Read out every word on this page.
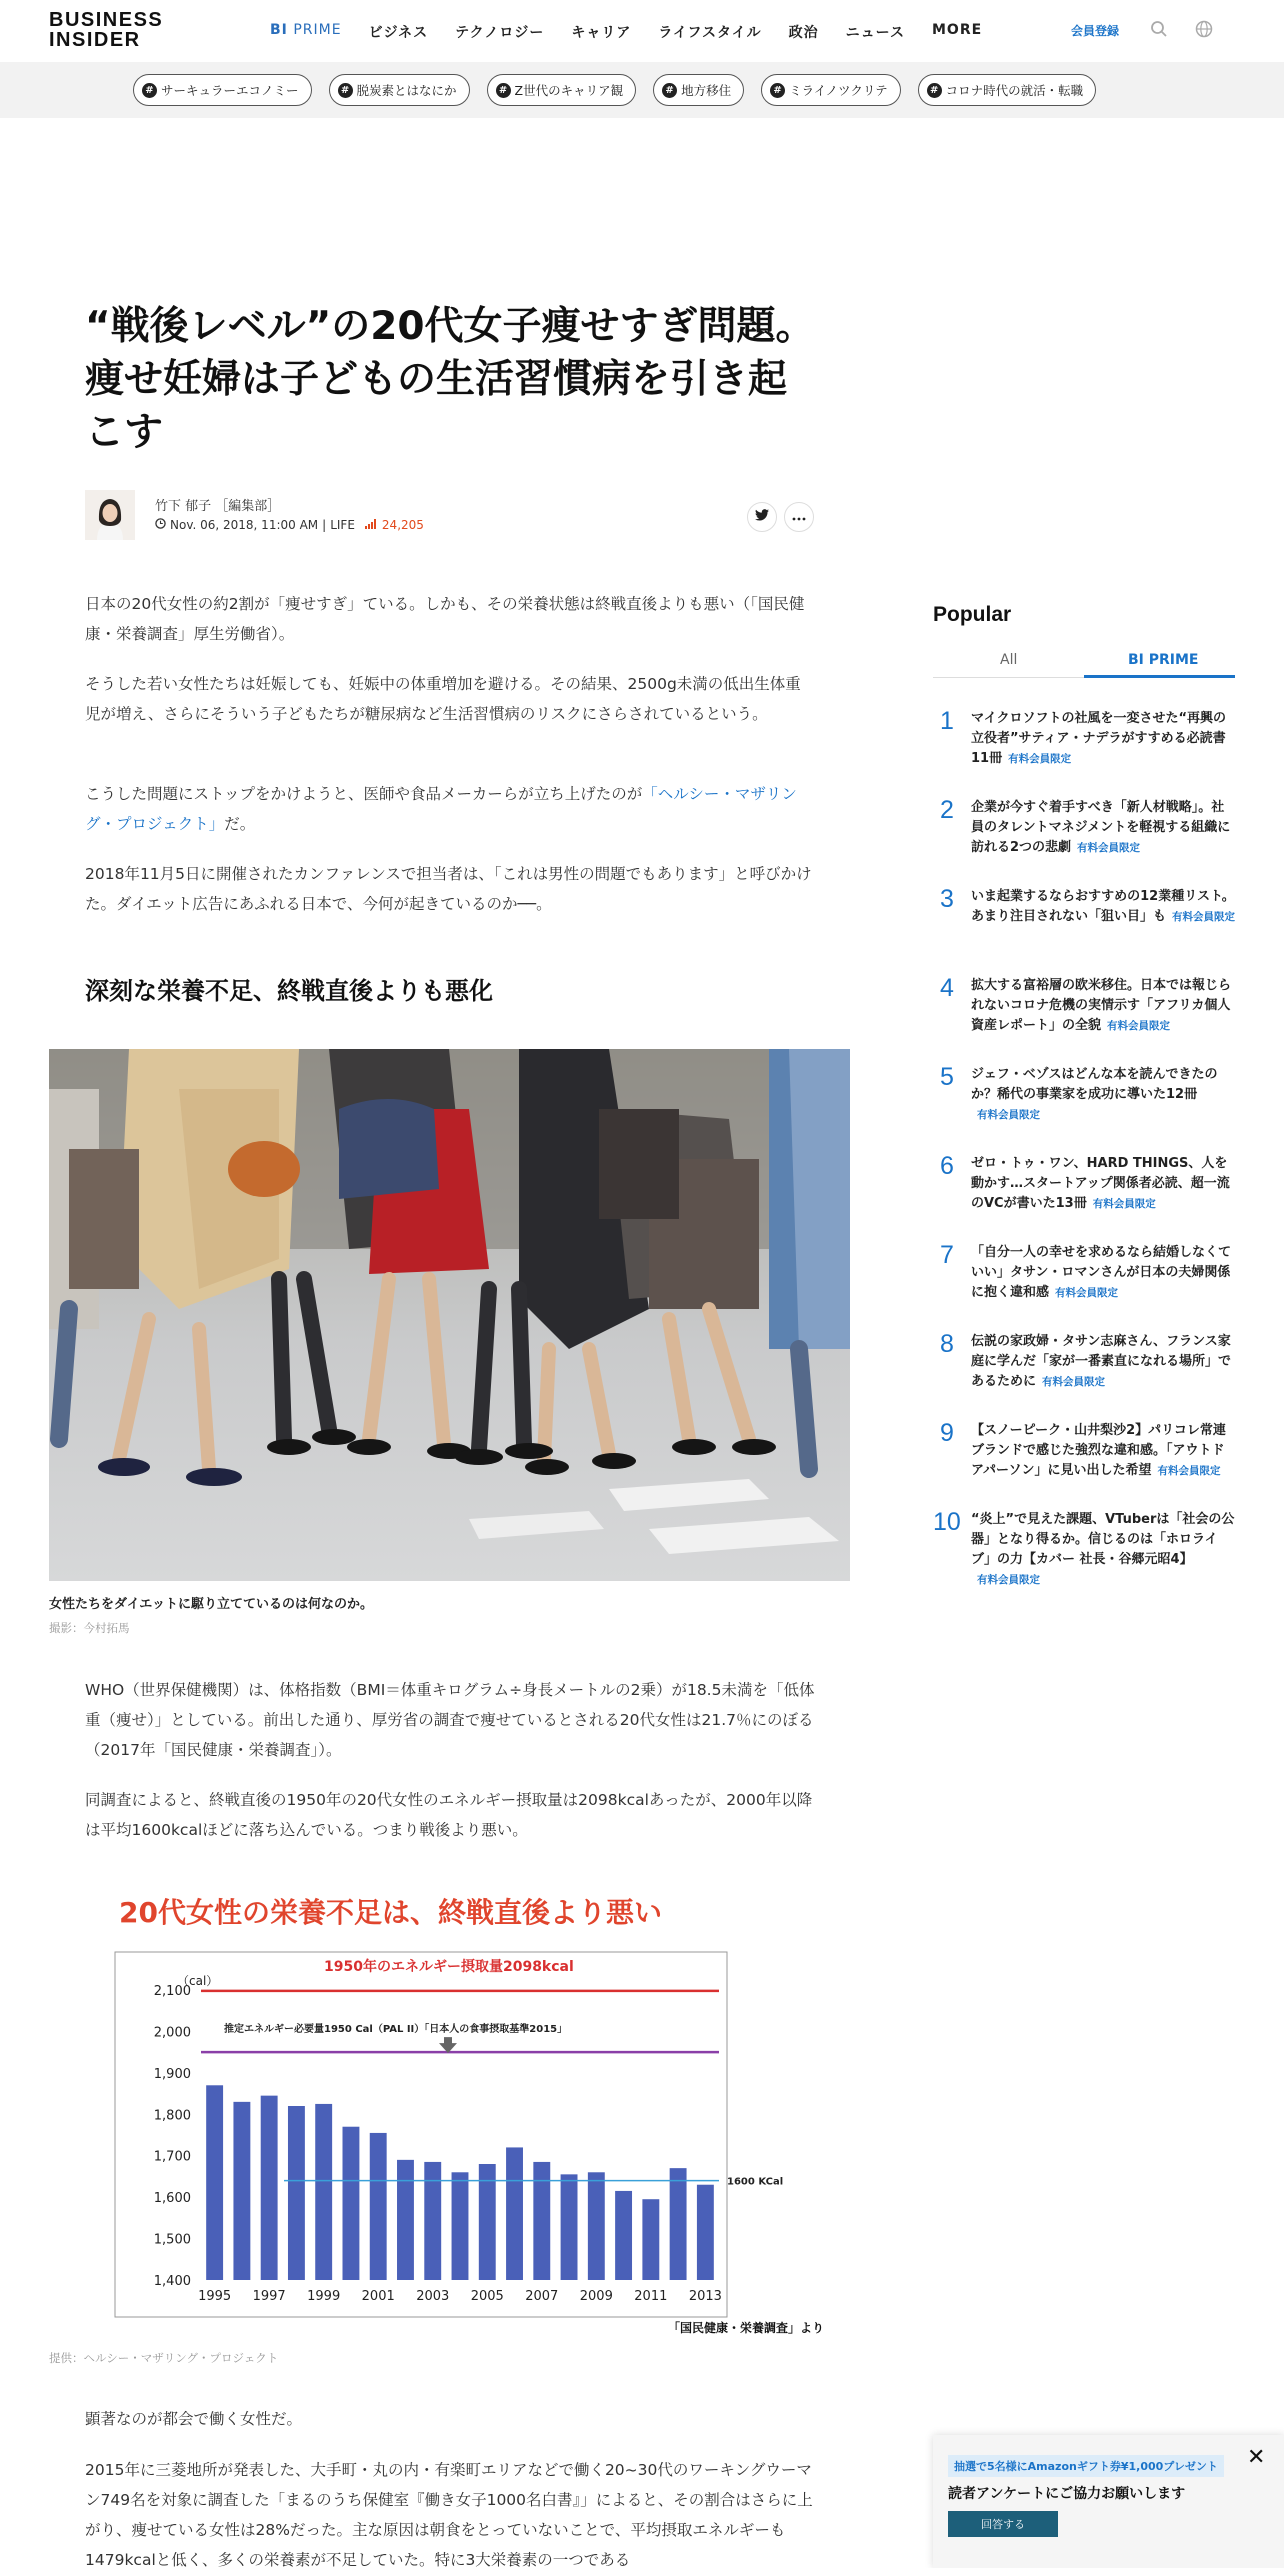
BUSINESS
INSIDER	BI PRIME ビジネス テクノロジー キャリア ライフスタイル 政治 ニュース MORE	会員登録
# サーキュラーエコノミー	# 脱炭素とはなにか	# Z世代のキャリア観	# 地方移住	# ミライノツクリテ	# コロナ時代の就活・転職
“戦後レベル”の20代女子痩せすぎ問題。痩せ妊婦は子どもの生活習慣病を引き起こす
竹下 郁子 ［編集部］
Nov. 06, 2018, 11:00 AM | LIFE 24,205

日本の20代女性の約2割が「痩せすぎ」ている。しかも、その栄養状態は終戦直後よりも悪い（「国民健康・栄養調査」厚生労働省）。

そうした若い女性たちは妊娠しても、妊娠中の体重増加を避ける。その結果、2500g未満の低出生体重児が増え、さらにそういう子どもたちが糖尿病など生活習慣病のリスクにさらされているという。

こうした問題にストップをかけようと、医師や食品メーカーらが立ち上げたのが「ヘルシー・マザリング・プロジェクト」だ。

2018年11月5日に開催されたカンファレンスで担当者は、「これは男性の問題でもあります」と呼びかけた。ダイエット広告にあふれる日本で、今何が起きているのか──。

深刻な栄養不足、終戦直後よりも悪化
女性たちをダイエットに駆り立てているのは何なのか。
撮影：今村拓馬

WHO（世界保健機関）は、体格指数（BMI＝体重キログラム÷身長メートルの2乗）が18.5未満を「低体重（痩せ）」としている。前出した通り、厚労省の調査で痩せているとされる20代女性は21.7％にのぼる（2017年「国民健康・栄養調査」）。

同調査によると、終戦直後の1950年の20代女性のエネルギー摂取量は2098kcalあったが、2000年以降は平均1600kcalほどに落ち込んでいる。つまり戦後より悪い。

20代女性の栄養不足は、終戦直後より悪い
（cal）
1,400
1,500
1,600
1,700
1,800
1,900
2,000
2,100
1995 1997 1999 2001 2003 2005 2007 2009 2011 2013
1950年のエネルギー摂取量2098kcal
推定エネルギー必要量1950 Cal（PAL II）「日本人の食事摂取基準2015」
1600 KCal
「国民健康・栄養調査」より
提供：ヘルシー・マザリング・プロジェクト

顕著なのが都会で働く女性だ。

2015年に三菱地所が発表した、大手町・丸の内・有楽町エリアなどで働く20~30代のワーキングウーマン749名を対象に調査した「まるのうち保健室『働き女子1000名白書』」によると、その割合はさらに上がり、痩せている女性は28%だった。主な原因は朝食をとっていないことで、平均摂取エネルギーも1479kcalと低く、多くの栄養素が不足していた。特に3大栄養素の一つである

Popular
All	BI PRIME
1 マイクロソフトの社風を一変させた“再興の立役者”サティア・ナデラがすすめる必読書11冊 有料会員限定
2 企業が今すぐ着手すべき「新人材戦略」。社員のタレントマネジメントを軽視する組織に訪れる2つの悲劇 有料会員限定
3 いま起業するならおすすめの12業種リスト。あまり注目されない「狙い目」も 有料会員限定
4 拡大する富裕層の欧米移住。日本では報じられないコロナ危機の実情示す「アフリカ個人資産レポート」の全貌 有料会員限定
5 ジェフ・ベゾスはどんな本を読んできたのか？稀代の事業家を成功に導いた12冊有料会員限定
6 ゼロ・トゥ・ワン、HARD THINGS、人を動かす…スタートアップ関係者必読、超一流のVCが書いた13冊 有料会員限定
7 「自分一人の幸せを求めるなら結婚しなくていい」タサン・ロマンさんが日本の夫婦関係に抱く違和感 有料会員限定
8 伝説の家政婦・タサン志麻さん、フランス家庭に学んだ「家が一番素直になれる場所」であるために 有料会員限定
9 【スノーピーク・山井梨沙2】パリコレ常連ブランドで感じた強烈な違和感。「アウトドアパーソン」に見い出した希望 有料会員限定
10 “炎上”で見えた課題、VTuberは「社会の公器」となり得るか。信じるのは「ホロライブ」の力【カバー 社長・谷郷元昭4】有料会員限定
抽選で5名様にAmazonギフト券¥1,000プレゼント
読者アンケートにご協力お願いします
回答する
✕
